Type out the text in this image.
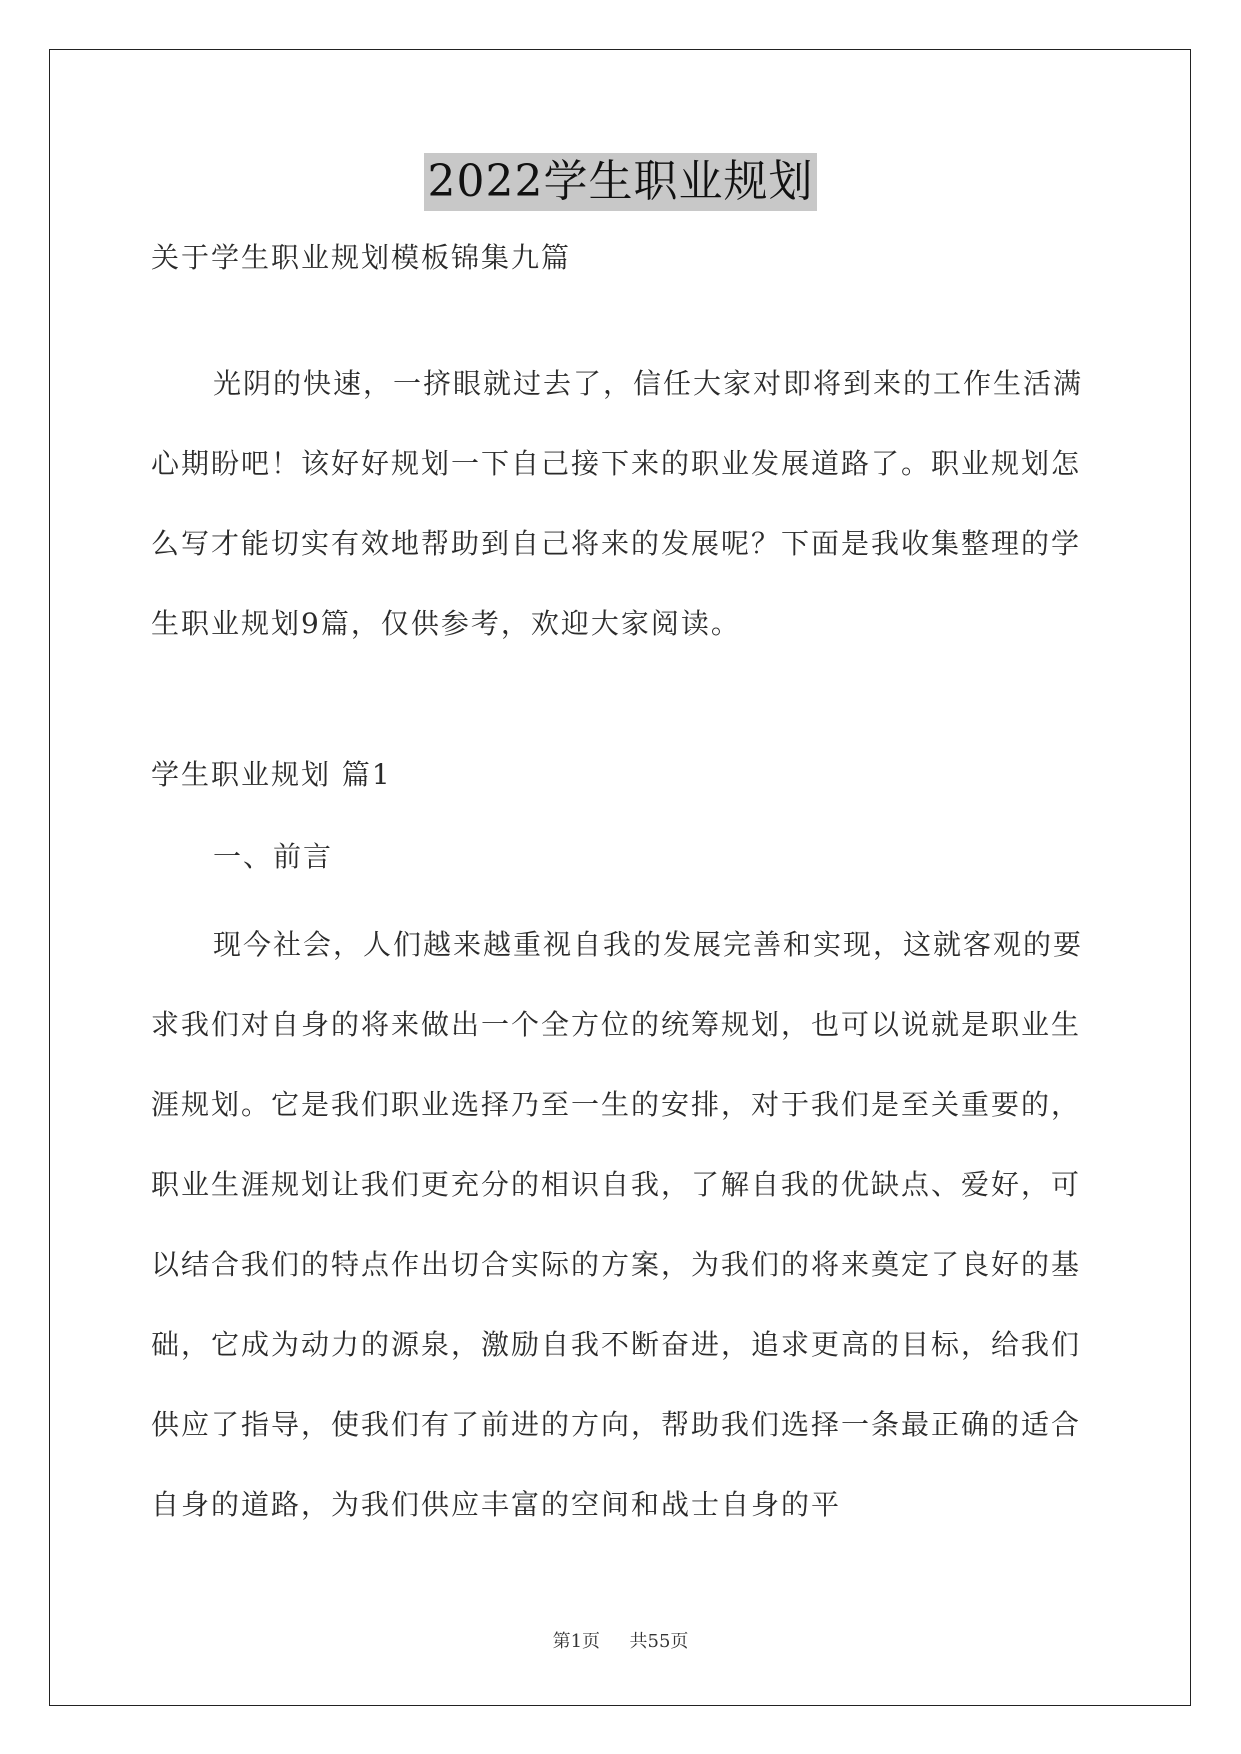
2022学生职业规划

关于学生职业规划模板锦集九篇

光阴的快速，一挤眼就过去了，信任大家对即将到来的工作生活满心期盼吧！该好好规划一下自己接下来的职业发展道路了。职业规划怎么写才能切实有效地帮助到自己将来的发展呢？下面是我收集整理的学生职业规划9篇，仅供参考，欢迎大家阅读。

学生职业规划 篇1

一、前言

现今社会，人们越来越重视自我的发展完善和实现，这就客观的要求我们对自身的将来做出一个全方位的统筹规划，也可以说就是职业生涯规划。它是我们职业选择乃至一生的安排，对于我们是至关重要的，职业生涯规划让我们更充分的相识自我，了解自我的优缺点、爱好，可以结合我们的特点作出切合实际的方案，为我们的将来奠定了良好的基础，它成为动力的源泉，激励自我不断奋进，追求更高的目标，给我们供应了指导，使我们有了前进的方向，帮助我们选择一条最正确的适合自身的道路，为我们供应丰富的空间和战士自身的平

第1页 共55页
